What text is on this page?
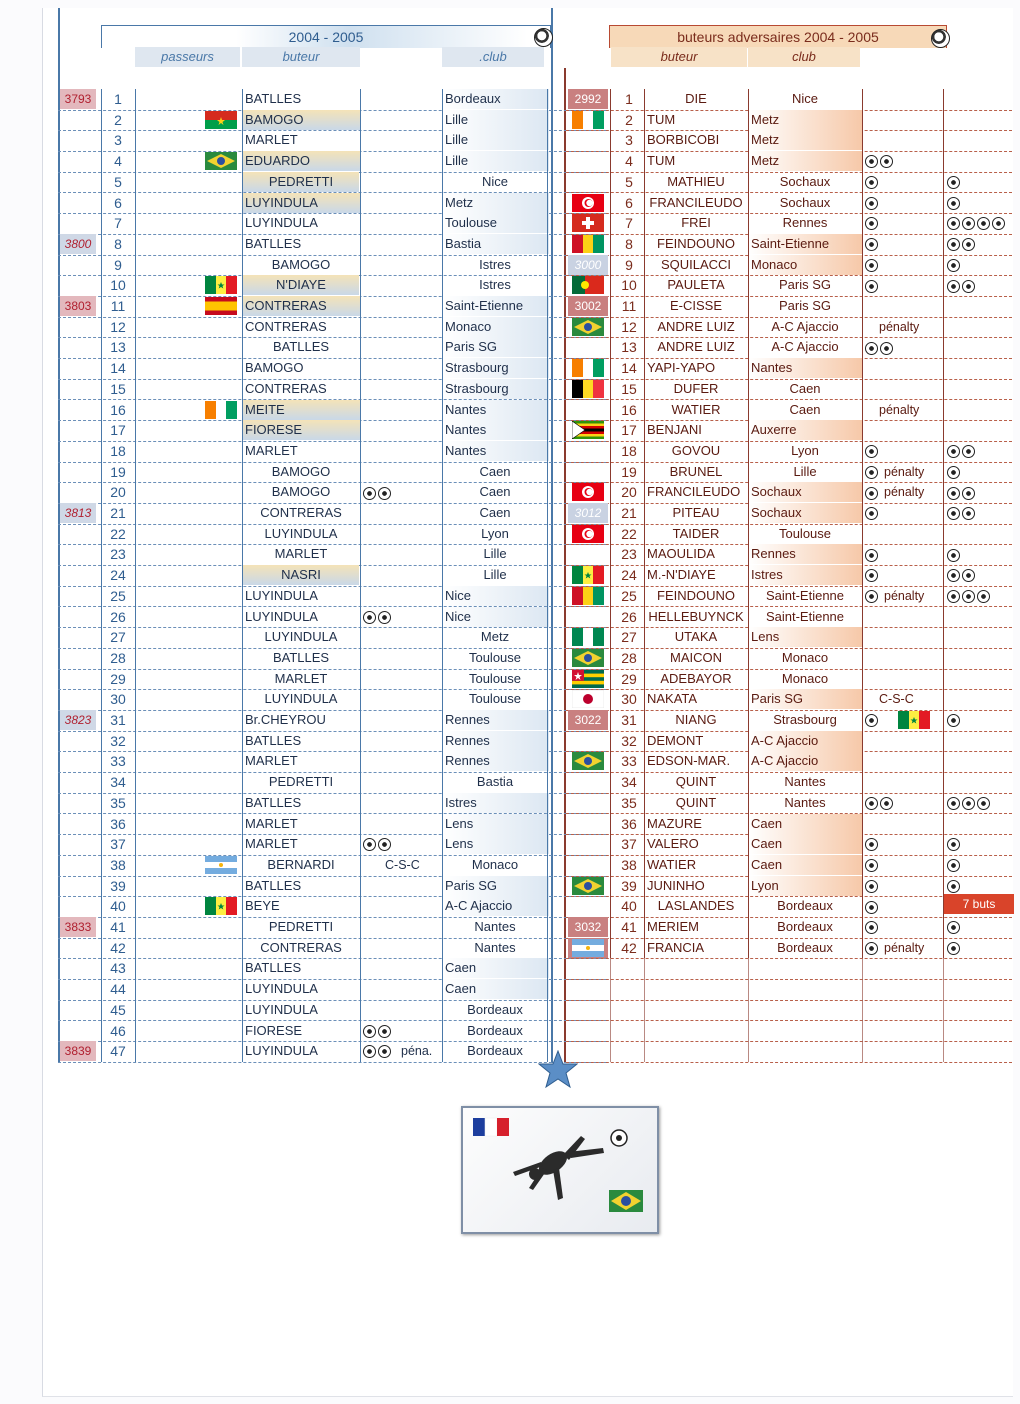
2004 - 2005
passeurs	buteur	.club
buteurs adversaires 2004 - 2005
buteur	club
3793	1	BATLLES	Bordeaux
2	BAMOGO	Lille
3	MARLET	Lille
4	EDUARDO	Lille
5	PEDRETTI	Nice
6	LUYINDULA	Metz
7	LUYINDULA	Toulouse
3800	8	BATLLES	Bastia
9	BAMOGO	Istres
10	N'DIAYE	Istres
3803	11	CONTRERAS	Saint-Etienne
12	CONTRERAS	Monaco
13	BATLLES	Paris SG
14	BAMOGO	Strasbourg
15	CONTRERAS	Strasbourg
16	MEITE	Nantes
17	FIORESE	Nantes
18	MARLET	Nantes
19	BAMOGO	Caen
20	BAMOGO	Caen
3813	21	CONTRERAS	Caen
22	LUYINDULA	Lyon
23	MARLET	Lille
24	NASRI	Lille
25	LUYINDULA	Nice
26	LUYINDULA	Nice
27	LUYINDULA	Metz
28	BATLLES	Toulouse
29	MARLET	Toulouse
30	LUYINDULA	Toulouse
3823	31	Br.CHEYROU	Rennes
32	BATLLES	Rennes
33	MARLET	Rennes
34	PEDRETTI	Bastia
35	BATLLES	Istres
36	MARLET	Lens
37	MARLET	Lens
38	BERNARDI	C-S-C	Monaco
39	BATLLES	Paris SG
40	BEYE	A-C Ajaccio
3833	41	PEDRETTI	Nantes
42	CONTRERAS	Nantes
43	BATLLES	Caen
44	LUYINDULA	Caen
45	LUYINDULA	Bordeaux
46	FIORESE	Bordeaux
3839	47	LUYINDULA	péna.	Bordeaux
2992	1	DIE	Nice
2	TUM	Metz
3	BORBICOBI	Metz
4	TUM	Metz
5	MATHIEU	Sochaux
6	FRANCILEUDO	Sochaux
7	FREI	Rennes
8	FEINDOUNO	Saint-Etienne
3000	9	SQUILACCI	Monaco
10	PAULETA	Paris SG
3002	11	E-CISSE	Paris SG
12	ANDRE LUIZ	A-C Ajaccio	pénalty
13	ANDRE LUIZ	A-C Ajaccio
14 YAPI-YAPO	Nantes
15	DUFER	Caen
16	WATIER	Caen	pénalty
17 BENJANI	Auxerre
18	GOVOU	Lyon
19	BRUNEL	Lille	pénalty
20 FRANCILEUDO Sochaux	pénalty
3012	21	PITEAU	Sochaux
22	TAIDER	Toulouse
23 MAOULIDA	Rennes
24 M.-N'DIAYE	Istres
25	FEINDOUNO	Saint-Etienne	pénalty
26 HELLEBUYNCK	Saint-Etienne
27	UTAKA	Lens
28	MAICON	Monaco
29	ADEBAYOR	Monaco
30 NAKATA	Paris SG	C-S-C
3022	31	NIANG	Strasbourg
32 DEMONT	A-C Ajaccio
33 EDSON-MAR.	A-C Ajaccio
34	QUINT	Nantes
35	QUINT	Nantes
36 MAZURE	Caen
37 VALERO	Caen
38 WATIER	Caen
39 JUNINHO	Lyon
40	LASLANDES	Bordeaux
3032	41 MERIEM	Bordeaux
42 FRANCIA	Bordeaux	pénalty
7 buts
